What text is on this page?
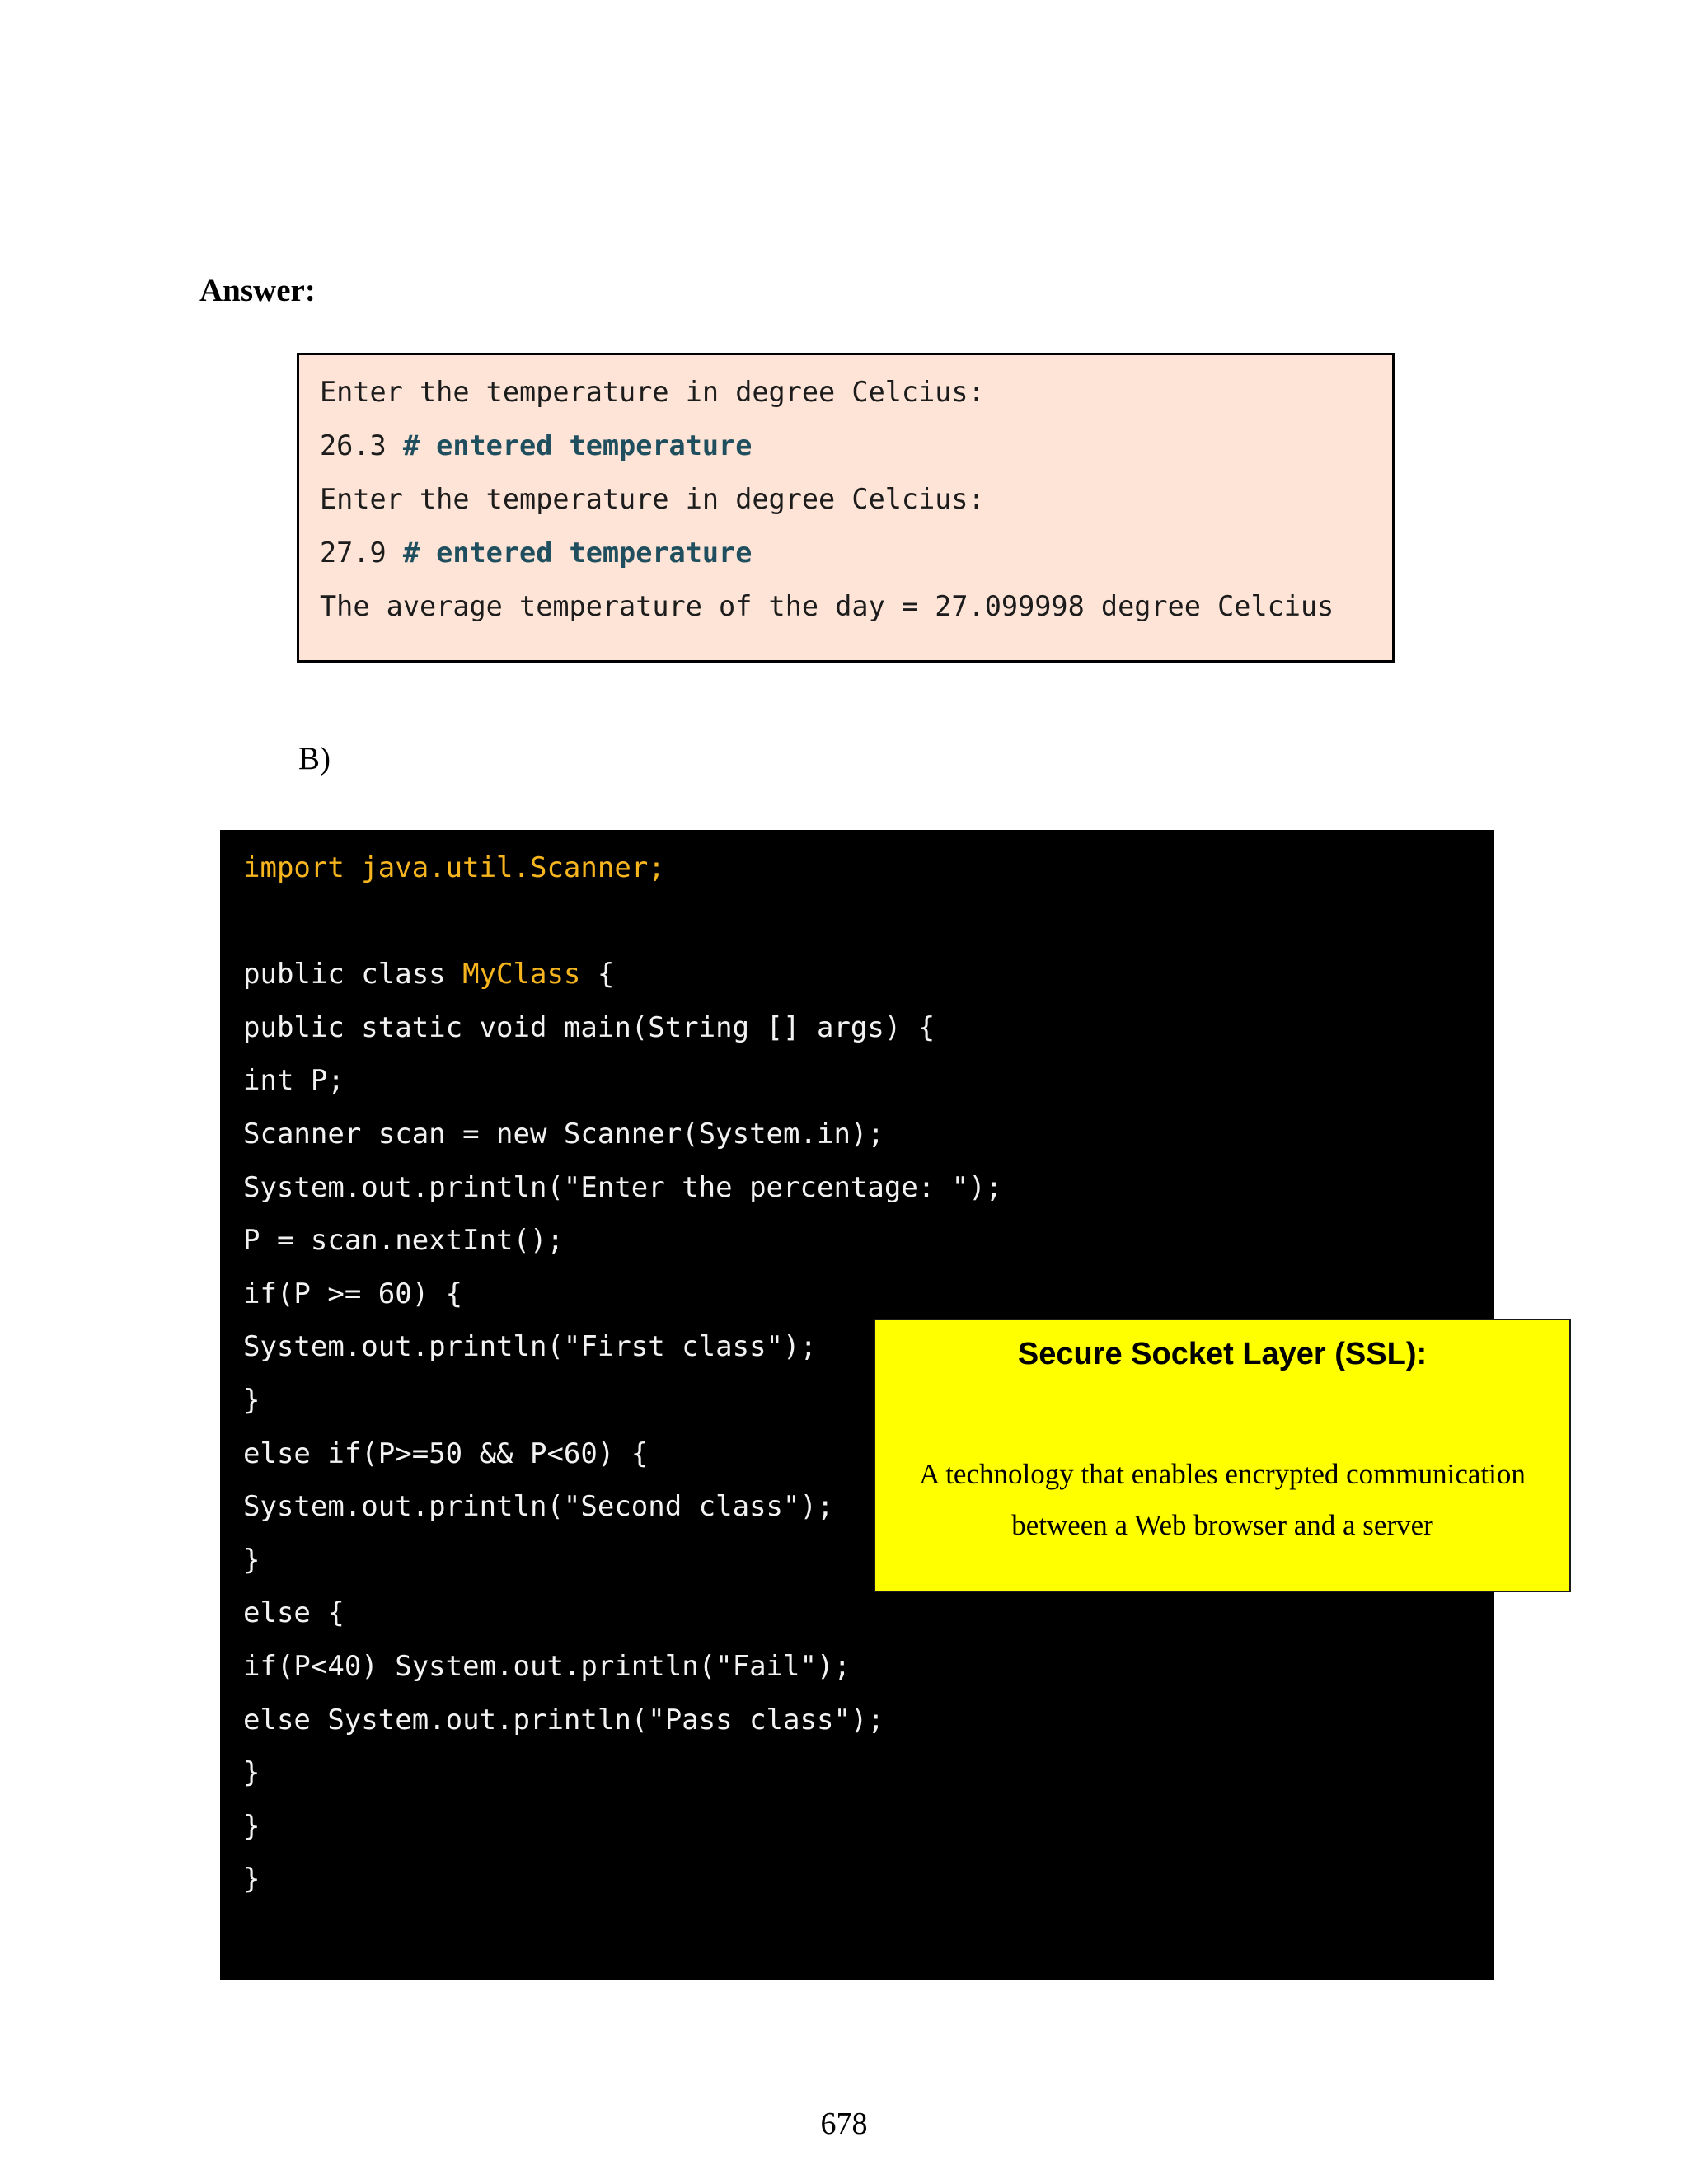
Answer:
Enter the temperature in degree Celcius:
26.3 # entered temperature
Enter the temperature in degree Celcius:
27.9 # entered temperature
The average temperature of the day = 27.099998 degree Celcius
B)
import java.util.Scanner;
public class MyClass {
public static void main(String [] args) {
int P;
Scanner scan = new Scanner(System.in);
System.out.println("Enter the percentage: ");
P = scan.nextInt();
if(P >= 60) {
System.out.println("First class");
}
else if(P>=50 && P<60) {
System.out.println("Second class");
}
else {
if(P<40) System.out.println("Fail");
else System.out.println("Pass class");
}
}
}
Secure Socket Layer (SSL):
A technology that enables encrypted communication
between a Web browser and a server
678
